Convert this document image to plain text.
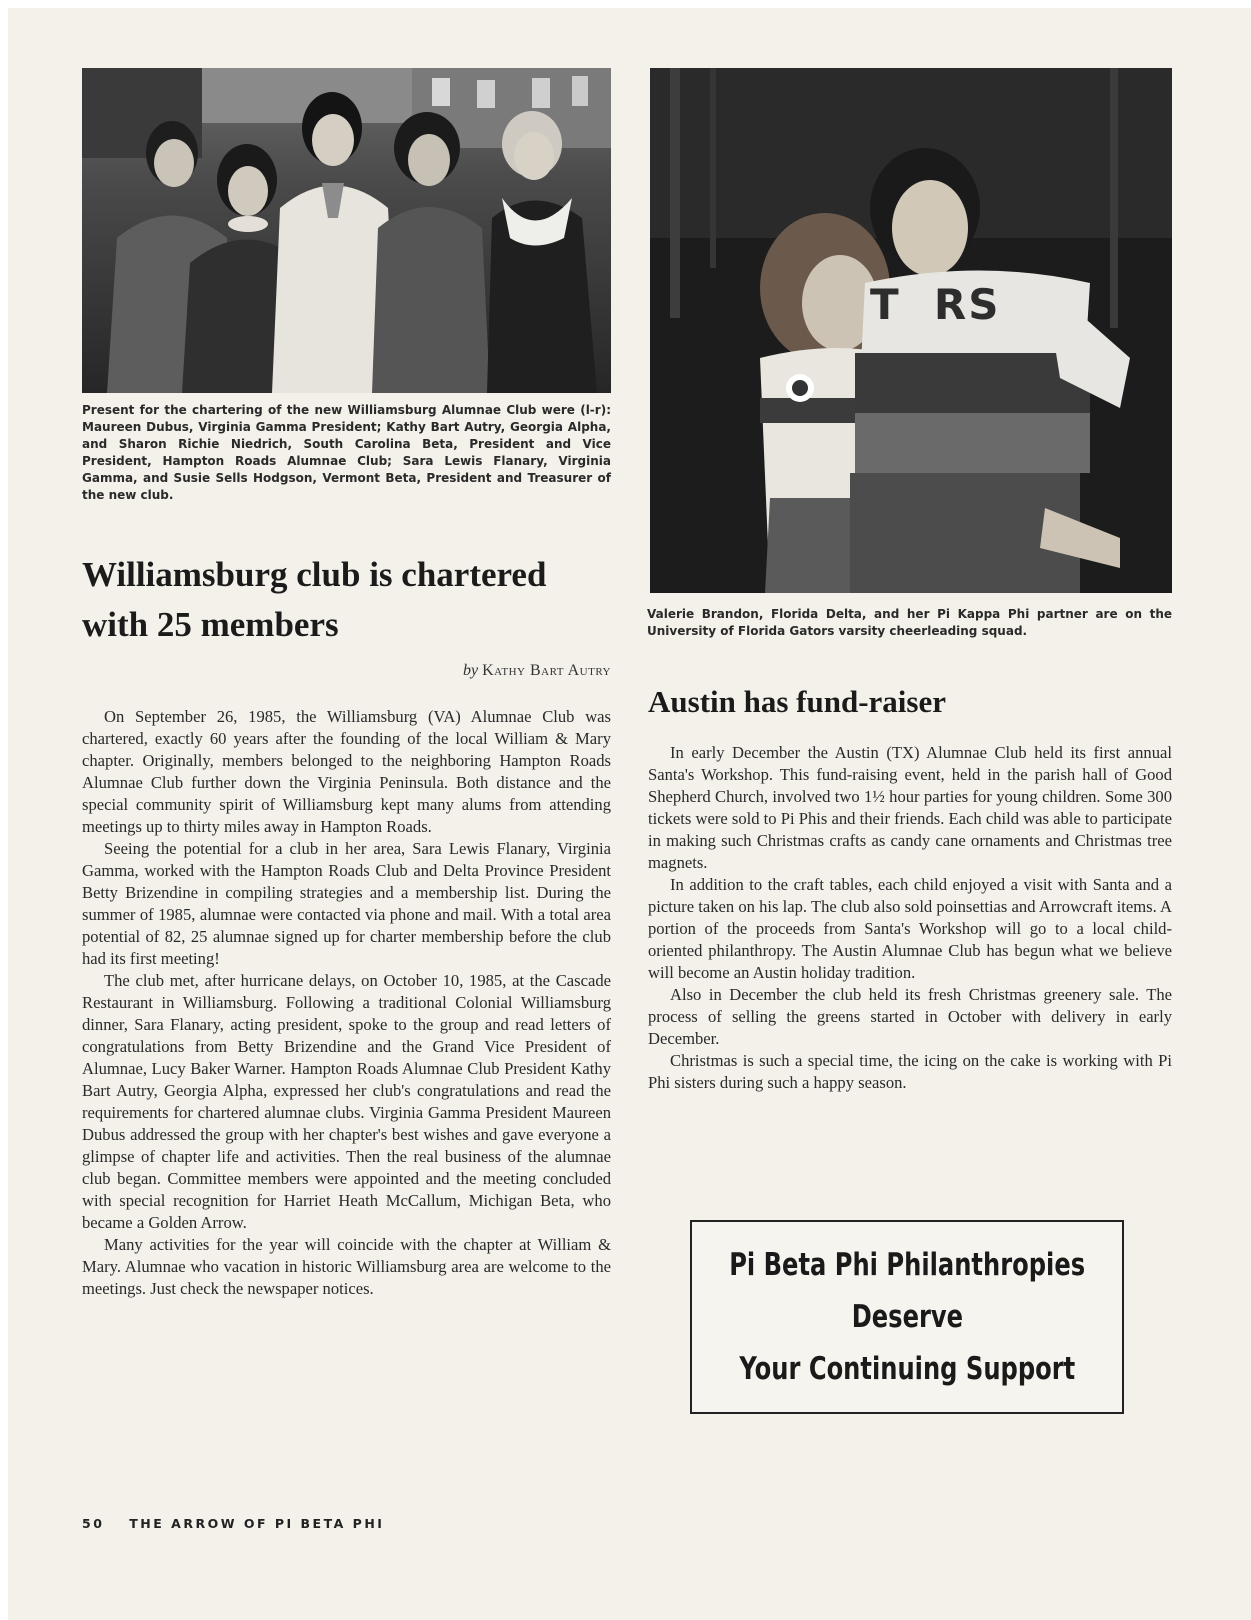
Present for the chartering of the new Williamsburg Alumnae Club were (l-r): Maureen Dubus, Virginia Gamma President; Kathy Bart Autry, Georgia Alpha, and Sharon Richie Niedrich, South Carolina Beta, President and Vice President, Hampton Roads Alumnae Club; Sara Lewis Flanary, Virginia Gamma, and Susie Sells Hodgson, Vermont Beta, President and Treasurer of the new club.
T  RS
Valerie Brandon, Florida Delta, and her Pi Kappa Phi partner are on the University of Florida Gators varsity cheerleading squad.
Williamsburg club is chartered with 25 members
by Kathy Bart Autry

On September 26, 1985, the Williamsburg (VA) Alumnae Club was chartered, exactly 60 years after the founding of the local William & Mary chapter. Originally, members belonged to the neighboring Hampton Roads Alumnae Club further down the Virginia Peninsula. Both distance and the special community spirit of Williamsburg kept many alums from attending meetings up to thirty miles away in Hampton Roads.

Seeing the potential for a club in her area, Sara Lewis Flanary, Virginia Gamma, worked with the Hampton Roads Club and Delta Province President Betty Brizendine in compiling strategies and a membership list. During the summer of 1985, alumnae were contacted via phone and mail. With a total area potential of 82, 25 alumnae signed up for charter membership before the club had its first meeting!

The club met, after hurricane delays, on October 10, 1985, at the Cascade Restaurant in Williamsburg. Following a traditional Colonial Williamsburg dinner, Sara Flanary, acting president, spoke to the group and read letters of congratulations from Betty Brizendine and the Grand Vice President of Alumnae, Lucy Baker Warner. Hampton Roads Alumnae Club President Kathy Bart Autry, Georgia Alpha, expressed her club's congratulations and read the requirements for chartered alumnae clubs. Virginia Gamma President Maureen Dubus addressed the group with her chapter's best wishes and gave everyone a glimpse of chapter life and activities. Then the real business of the alumnae club began. Committee members were appointed and the meeting concluded with special recognition for Harriet Heath McCallum, Michigan Beta, who became a Golden Arrow.

Many activities for the year will coincide with the chapter at William & Mary. Alumnae who vacation in historic Williamsburg area are welcome to the meetings. Just check the newspaper notices.

Austin has fund-raiser

In early December the Austin (TX) Alumnae Club held its first annual Santa's Workshop. This fund-raising event, held in the parish hall of Good Shepherd Church, involved two 1½ hour parties for young children. Some 300 tickets were sold to Pi Phis and their friends. Each child was able to participate in making such Christmas crafts as candy cane ornaments and Christmas tree magnets.

In addition to the craft tables, each child enjoyed a visit with Santa and a picture taken on his lap. The club also sold poinsettias and Arrowcraft items. A portion of the proceeds from Santa's Workshop will go to a local child-oriented philanthropy. The Austin Alumnae Club has begun what we believe will become an Austin holiday tradition.

Also in December the club held its fresh Christmas greenery sale. The process of selling the greens started in October with delivery in early December.

Christmas is such a special time, the icing on the cake is working with Pi Phi sisters during such a happy season.

Pi Beta Phi Philanthropies
Deserve
Your Continuing Support
50 THE ARROW OF PI BETA PHI
